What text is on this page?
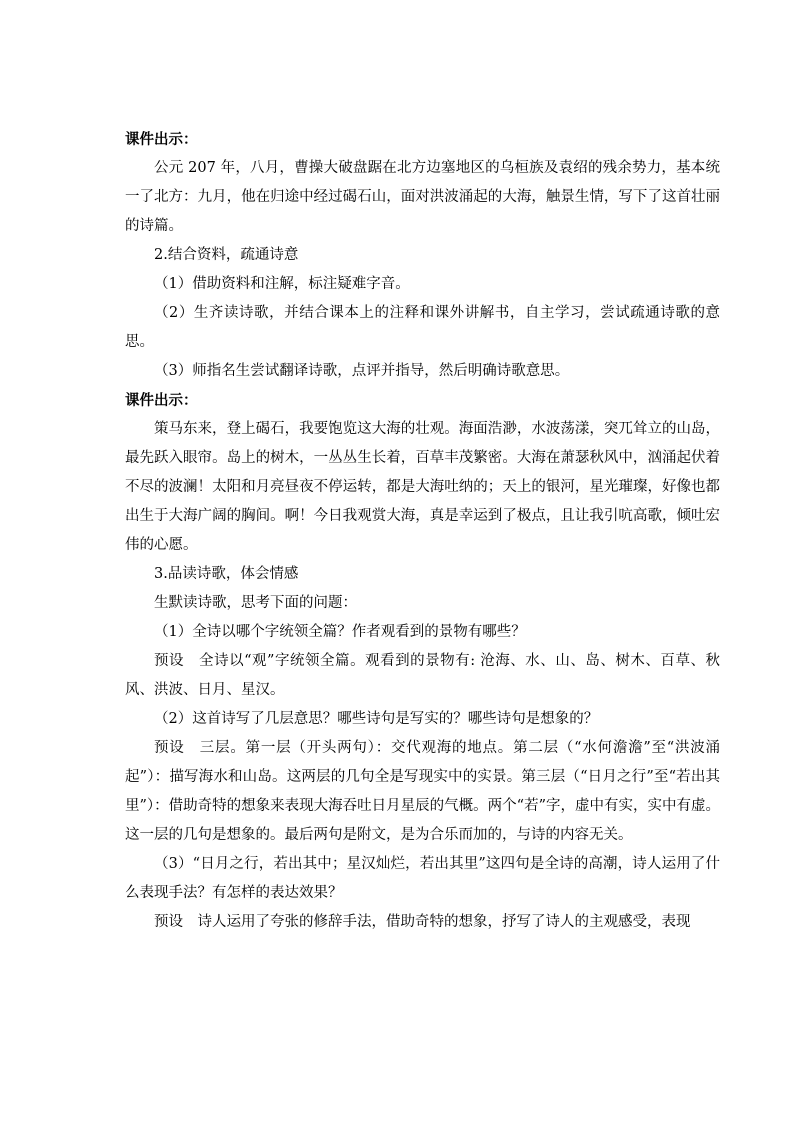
课件出示：

公元 207 年，八月，曹操大破盘踞在北方边塞地区的乌桓族及袁绍的残余势力，基本统一了北方：九月，他在归途中经过碣石山，面对洪波涌起的大海，触景生情，写下了这首壮丽的诗篇。

2.结合资料，疏通诗意

（1）借助资料和注解，标注疑难字音。

（2）生齐读诗歌，并结合课本上的注释和课外讲解书，自主学习，尝试疏通诗歌的意思。

（3）师指名生尝试翻译诗歌，点评并指导，然后明确诗歌意思。

课件出示：

策马东来，登上碣石，我要饱览这大海的壮观。海面浩渺，水波荡漾，突兀耸立的山岛，最先跃入眼帘。岛上的树木，一丛丛生长着，百草丰茂繁密。大海在萧瑟秋风中，汹涌起伏着不尽的波澜！太阳和月亮昼夜不停运转，都是大海吐纳的；天上的银河，星光璀璨，好像也都出生于大海广阔的胸间。啊！今日我观赏大海，真是幸运到了极点，且让我引吭高歌，倾吐宏伟的心愿。

3.品读诗歌，体会情感

生默读诗歌，思考下面的问题：

（1）全诗以哪个字统领全篇？作者观看到的景物有哪些？

预设　全诗以“观”字统领全篇。观看到的景物有: 沧海、水、山、岛、树木、百草、秋风、洪波、日月、星汉。

（2）这首诗写了几层意思？哪些诗句是写实的？哪些诗句是想象的？

预设　三层。第一层（开头两句）：交代观海的地点。第二层（“水何澹澹”至“洪波涌起”）：描写海水和山岛。这两层的几句全是写现实中的实景。第三层（“日月之行”至“若出其里”）：借助奇特的想象来表现大海吞吐日月星辰的气概。两个“若”字，虚中有实，实中有虚。这一层的几句是想象的。最后两句是附文，是为合乐而加的，与诗的内容无关。

（3）“日月之行，若出其中；星汉灿烂，若出其里”这四句是全诗的高潮，诗人运用了什么表现手法？有怎样的表达效果？

预设　诗人运用了夸张的修辞手法，借助奇特的想象，抒写了诗人的主观感受，表现
